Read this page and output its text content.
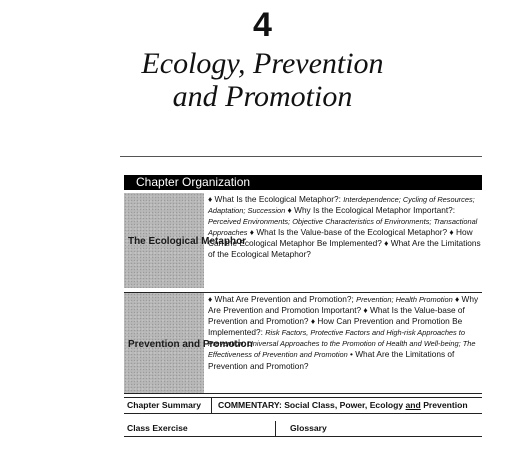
4
Ecology, Prevention
and Promotion
Chapter Organization
The Ecological Metaphor
♦ What Is the Ecological Metaphor?: Interdependence; Cycling of Resources; Adaptation; Succession ♦ Why Is the Ecological Metaphor Important?: Perceived Environments; Objective Characteristics of Environments; Transactional Approaches ♦ What Is the Value-base of the Ecological Metaphor? ♦ How Can the Ecological Metaphor Be Implemented? ♦ What Are the Limitations of the Ecological Metaphor?
Prevention and Promotion
♦ What Are Prevention and Promotion?; Prevention; Health Promotion ♦ Why Are Prevention and Promotion Important? ♦ What Is the Value-base of Prevention and Promotion? ♦ How Can Prevention and Promotion Be Implemented?: Risk Factors, Protective Factors and High-risk Approaches to Prevention; Universal Approaches to the Promotion of Health and Well-being; The Effectiveness of Prevention and Promotion • What Are the Limitations of Prevention and Promotion?
Chapter Summary	COMMENTARY: Social Class, Power, Ecology and Prevention
Class Exercise	Glossary
